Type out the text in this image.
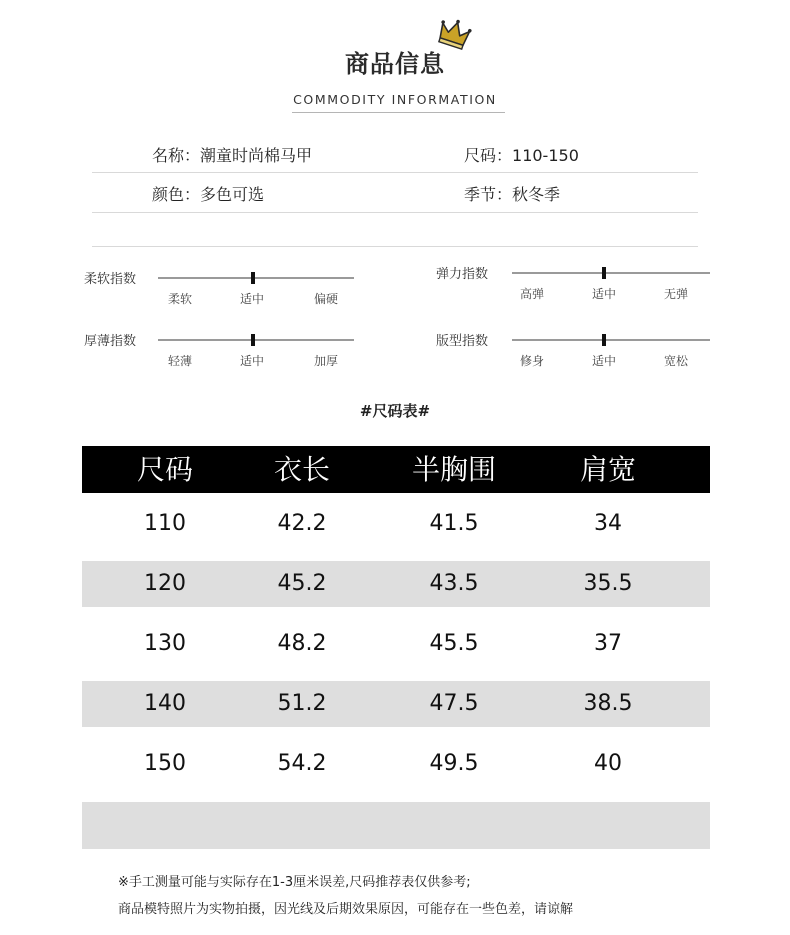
商品信息
COMMODITY INFORMATION
名称：潮童时尚棉马甲	尺码：110-150
颜色：多色可选	季节：秋冬季
柔软指数
柔软	适中	偏硬
弹力指数
高弹	适中	无弹
厚薄指数
轻薄	适中	加厚
版型指数
修身	适中	宽松
#尺码表#
尺码	衣长	半胸围	肩宽
110	42.2	41.5	34
120	45.2	43.5	35.5
130	48.2	45.5	37
140	51.2	47.5	38.5
150	54.2	49.5	40
※手工测量可能与实际存在1-3厘米误差,尺码推荐表仅供参考;
商品模特照片为实物拍摄，因光线及后期效果原因，可能存在一些色差，请谅解
